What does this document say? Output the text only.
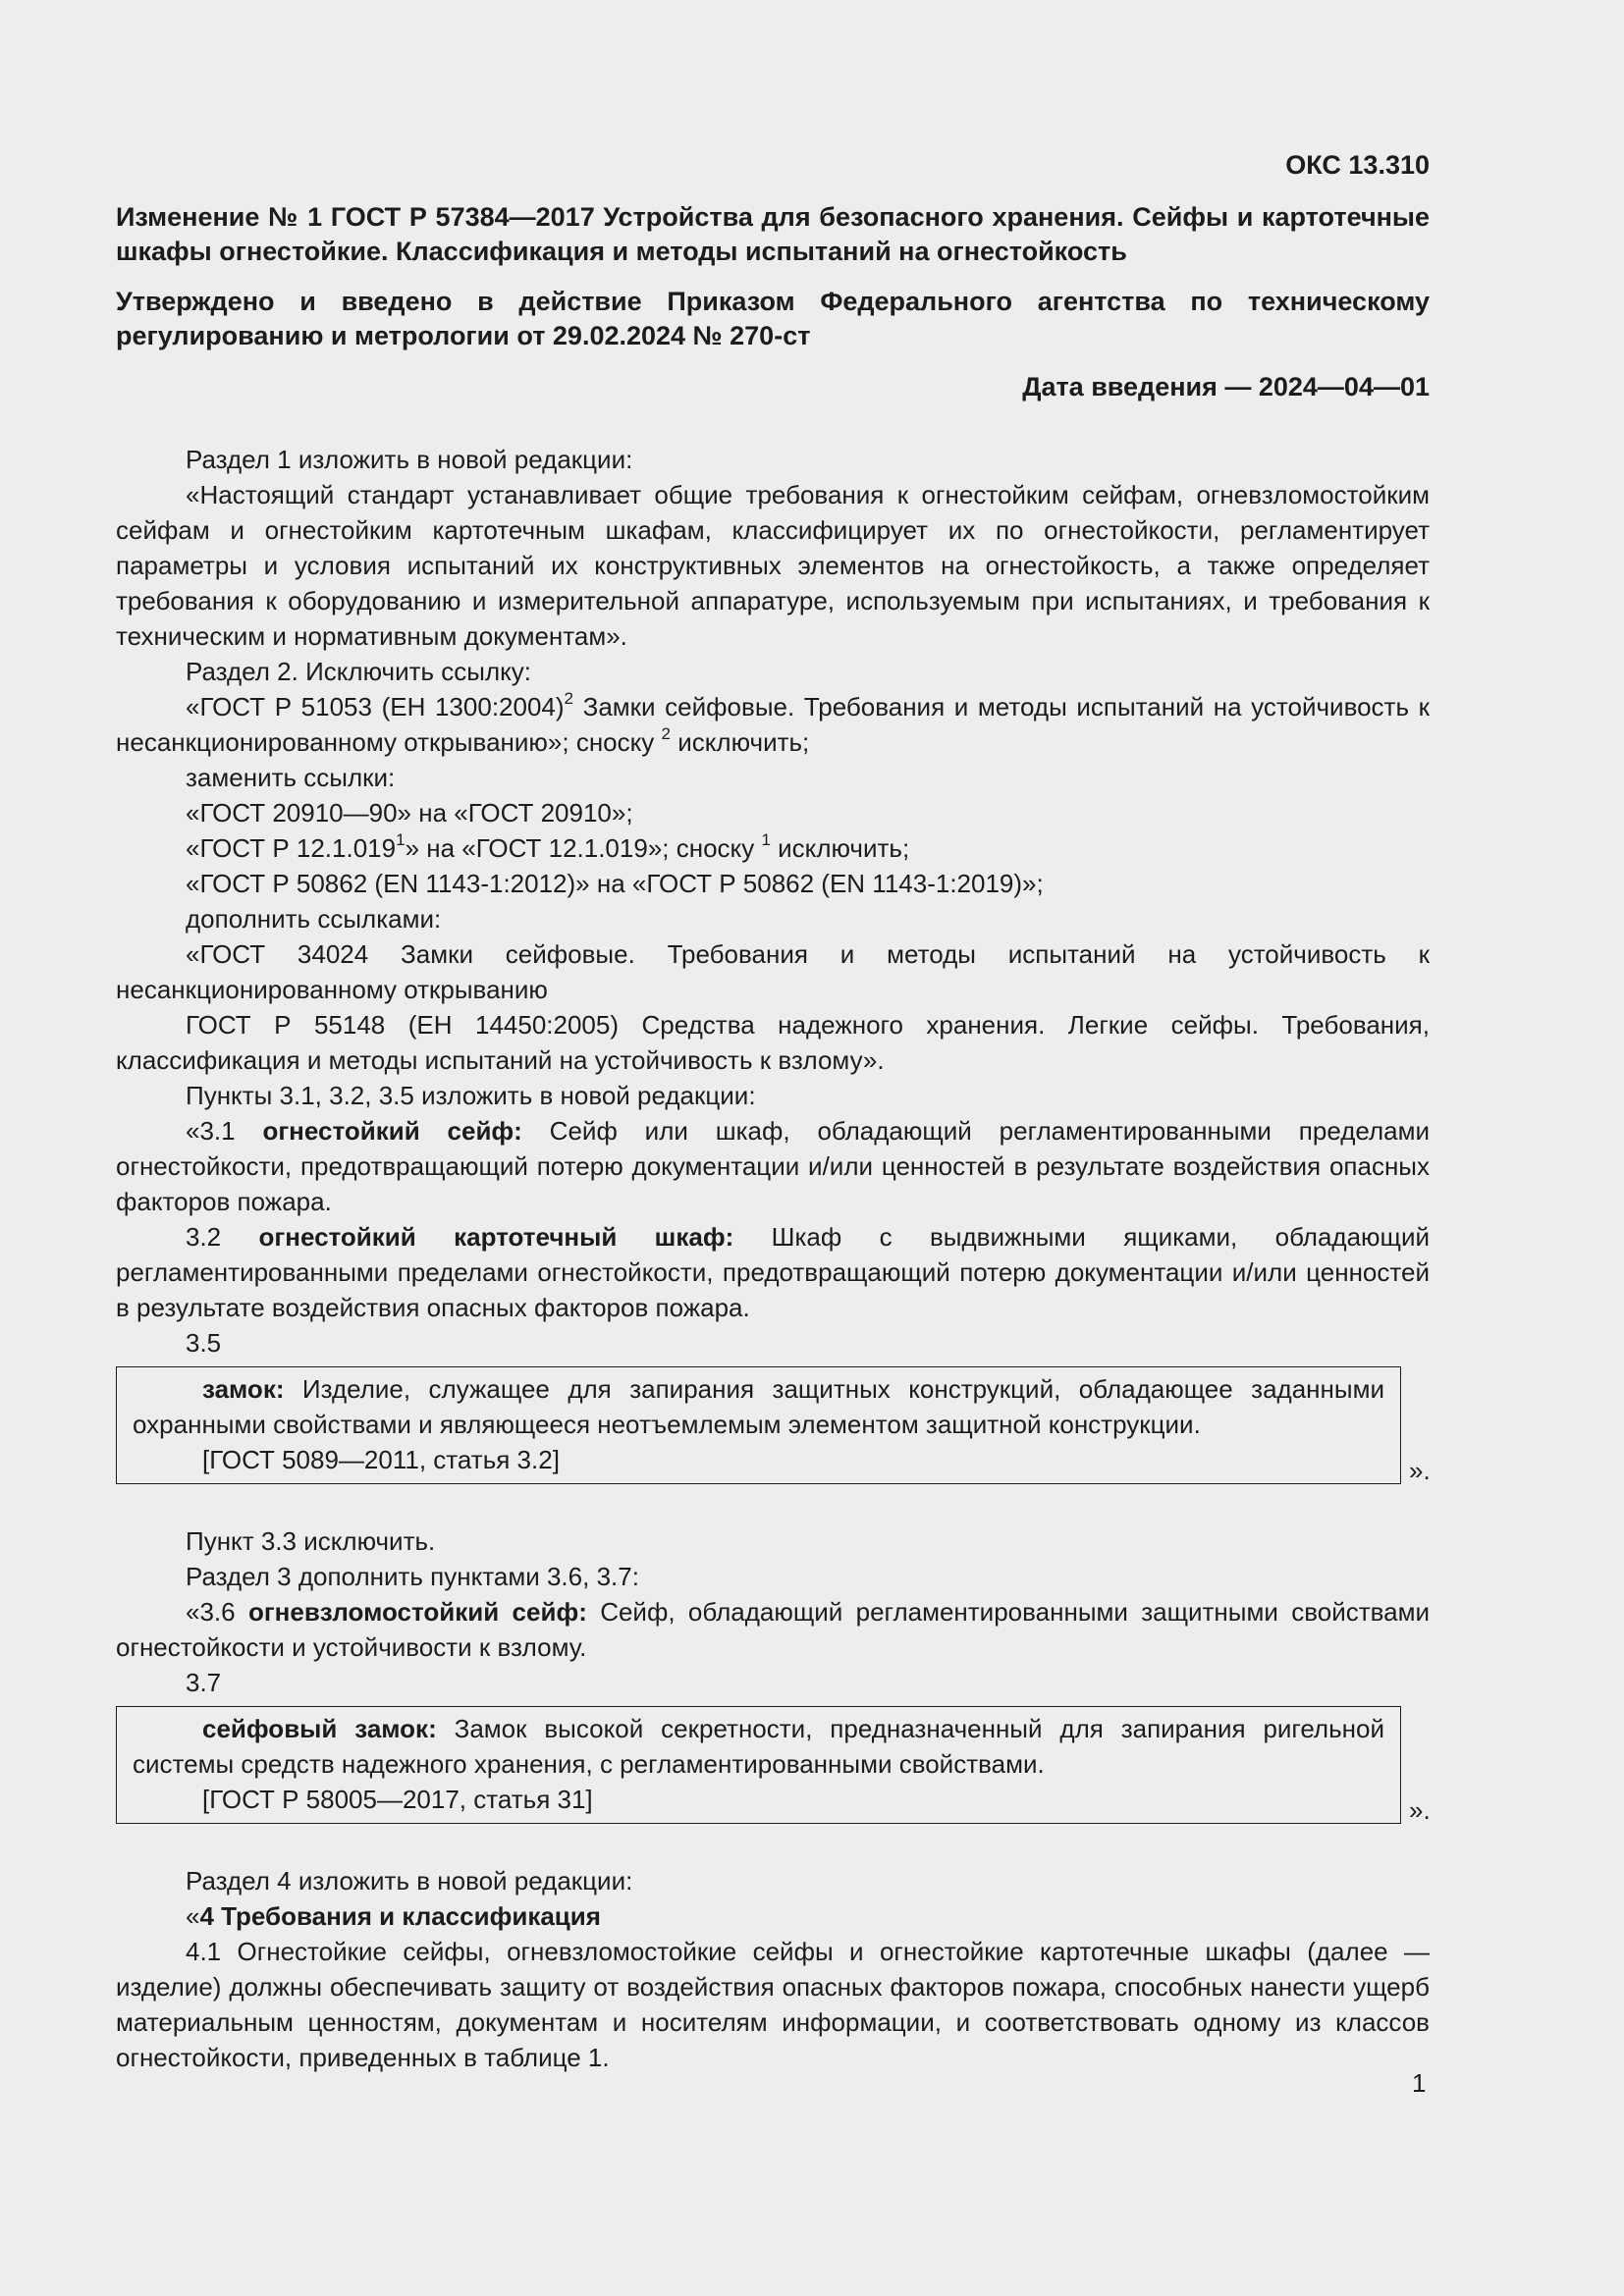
ОКС 13.310

Изменение № 1 ГОСТ Р 57384—2017 Устройства для безопасного хранения. Сейфы и картотечные шкафы огнестойкие. Классификация и методы испытаний на огнестойкость

Утверждено и введено в действие Приказом Федерального агентства по техническому регулированию и метрологии от 29.02.2024 № 270-ст

Дата введения — 2024—04—01

Раздел 1 изложить в новой редакции:

«Настоящий стандарт устанавливает общие требования к огнестойким сейфам, огневзломостойким сейфам и огнестойким картотечным шкафам, классифицирует их по огнестойкости, регламентирует параметры и условия испытаний их конструктивных элементов на огнестойкость, а также определяет требования к оборудованию и измерительной аппаратуре, используемым при испытаниях, и требования к техническим и нормативным документам».

Раздел 2. Исключить ссылку:

«ГОСТ Р 51053 (ЕН 1300:2004)$^2$ Замки сейфовые. Требования и методы испытаний на устойчивость к несанкционированному открыванию»; сноску $^2$ исключить;

заменить ссылки:

«ГОСТ 20910—90» на «ГОСТ 20910»;

«ГОСТ Р 12.1.019$^1$» на «ГОСТ 12.1.019»; сноску $^1$ исключить;

«ГОСТ Р 50862 (EN 1143-1:2012)» на «ГОСТ Р 50862 (EN 1143-1:2019)»;

дополнить ссылками:

«ГОСТ 34024 Замки сейфовые. Требования и методы испытаний на устойчивость к несанкционированному открыванию

ГОСТ Р 55148 (ЕН 14450:2005) Средства надежного хранения. Легкие сейфы. Требования, классификация и методы испытаний на устойчивость к взлому».

Пункты 3.1, 3.2, 3.5 изложить в новой редакции:

«3.1 огнестойкий сейф: Сейф или шкаф, обладающий регламентированными пределами огнестойкости, предотвращающий потерю документации и/или ценностей в результате воздействия опасных факторов пожара.

3.2 огнестойкий картотечный шкаф: Шкаф с выдвижными ящиками, обладающий регламентированными пределами огнестойкости, предотвращающий потерю документации и/или ценностей в результате воздействия опасных факторов пожара.

3.5

замок: Изделие, служащее для запирания защитных конструкций, обладающее заданными охранными свойствами и являющееся неотъемлемым элементом защитной конструкции.

[ГОСТ 5089—2011, статья 3.2]	».

Пункт 3.3 исключить.

Раздел 3 дополнить пунктами 3.6, 3.7:

«3.6 огневзломостойкий сейф: Сейф, обладающий регламентированными защитными свойствами огнестойкости и устойчивости к взлому.

3.7

сейфовый замок: Замок высокой секретности, предназначенный для запирания ригельной системы средств надежного хранения, с регламентированными свойствами.

[ГОСТ Р 58005—2017, статья 31]	».

Раздел 4 изложить в новой редакции:

«4 Требования и классификация

4.1 Огнестойкие сейфы, огневзломостойкие сейфы и огнестойкие картотечные шкафы (далее — изделие) должны обеспечивать защиту от воздействия опасных факторов пожара, способных нанести ущерб материальным ценностям, документам и носителям информации, и соответствовать одному из классов огнестойкости, приведенных в таблице 1.

1
